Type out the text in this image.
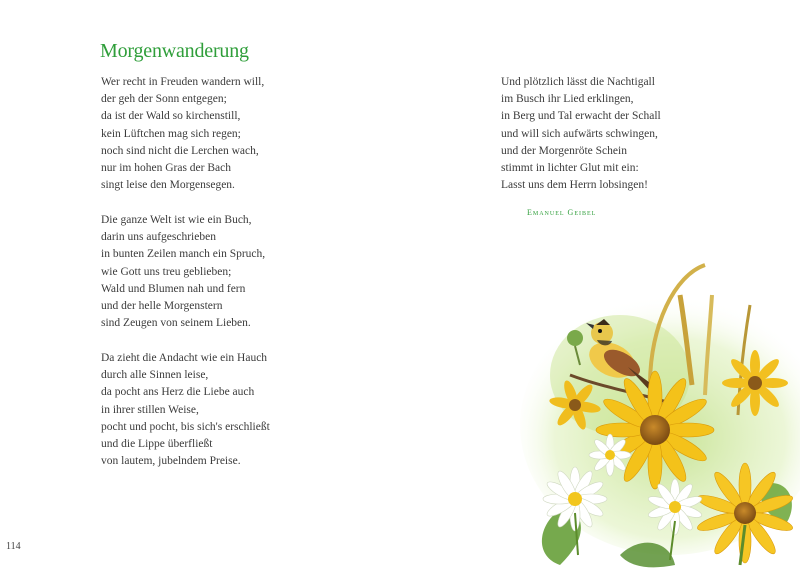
Morgenwanderung
Wer recht in Freuden wandern will,
der geh der Sonn entgegen;
da ist der Wald so kirchenstill,
kein Lüftchen mag sich regen;
noch sind nicht die Lerchen wach,
nur im hohen Gras der Bach
singt leise den Morgensegen.
Die ganze Welt ist wie ein Buch,
darin uns aufgeschrieben
in bunten Zeilen manch ein Spruch,
wie Gott uns treu geblieben;
Wald und Blumen nah und fern
und der helle Morgenstern
sind Zeugen von seinem Lieben.
Da zieht die Andacht wie ein Hauch
durch alle Sinnen leise,
da pocht ans Herz die Liebe auch
in ihrer stillen Weise,
pocht und pocht, bis sich's erschließt
und die Lippe überfließt
von lautem, jubelndem Preise.
114
Und plötzlich lässt die Nachtigall
im Busch ihr Lied erklingen,
in Berg und Tal erwacht der Schall
und will sich aufwärts schwingen,
und der Morgenröte Schein
stimmt in lichter Glut mit ein:
Lasst uns dem Herrn lobsingen!
Emanuel Geibel
